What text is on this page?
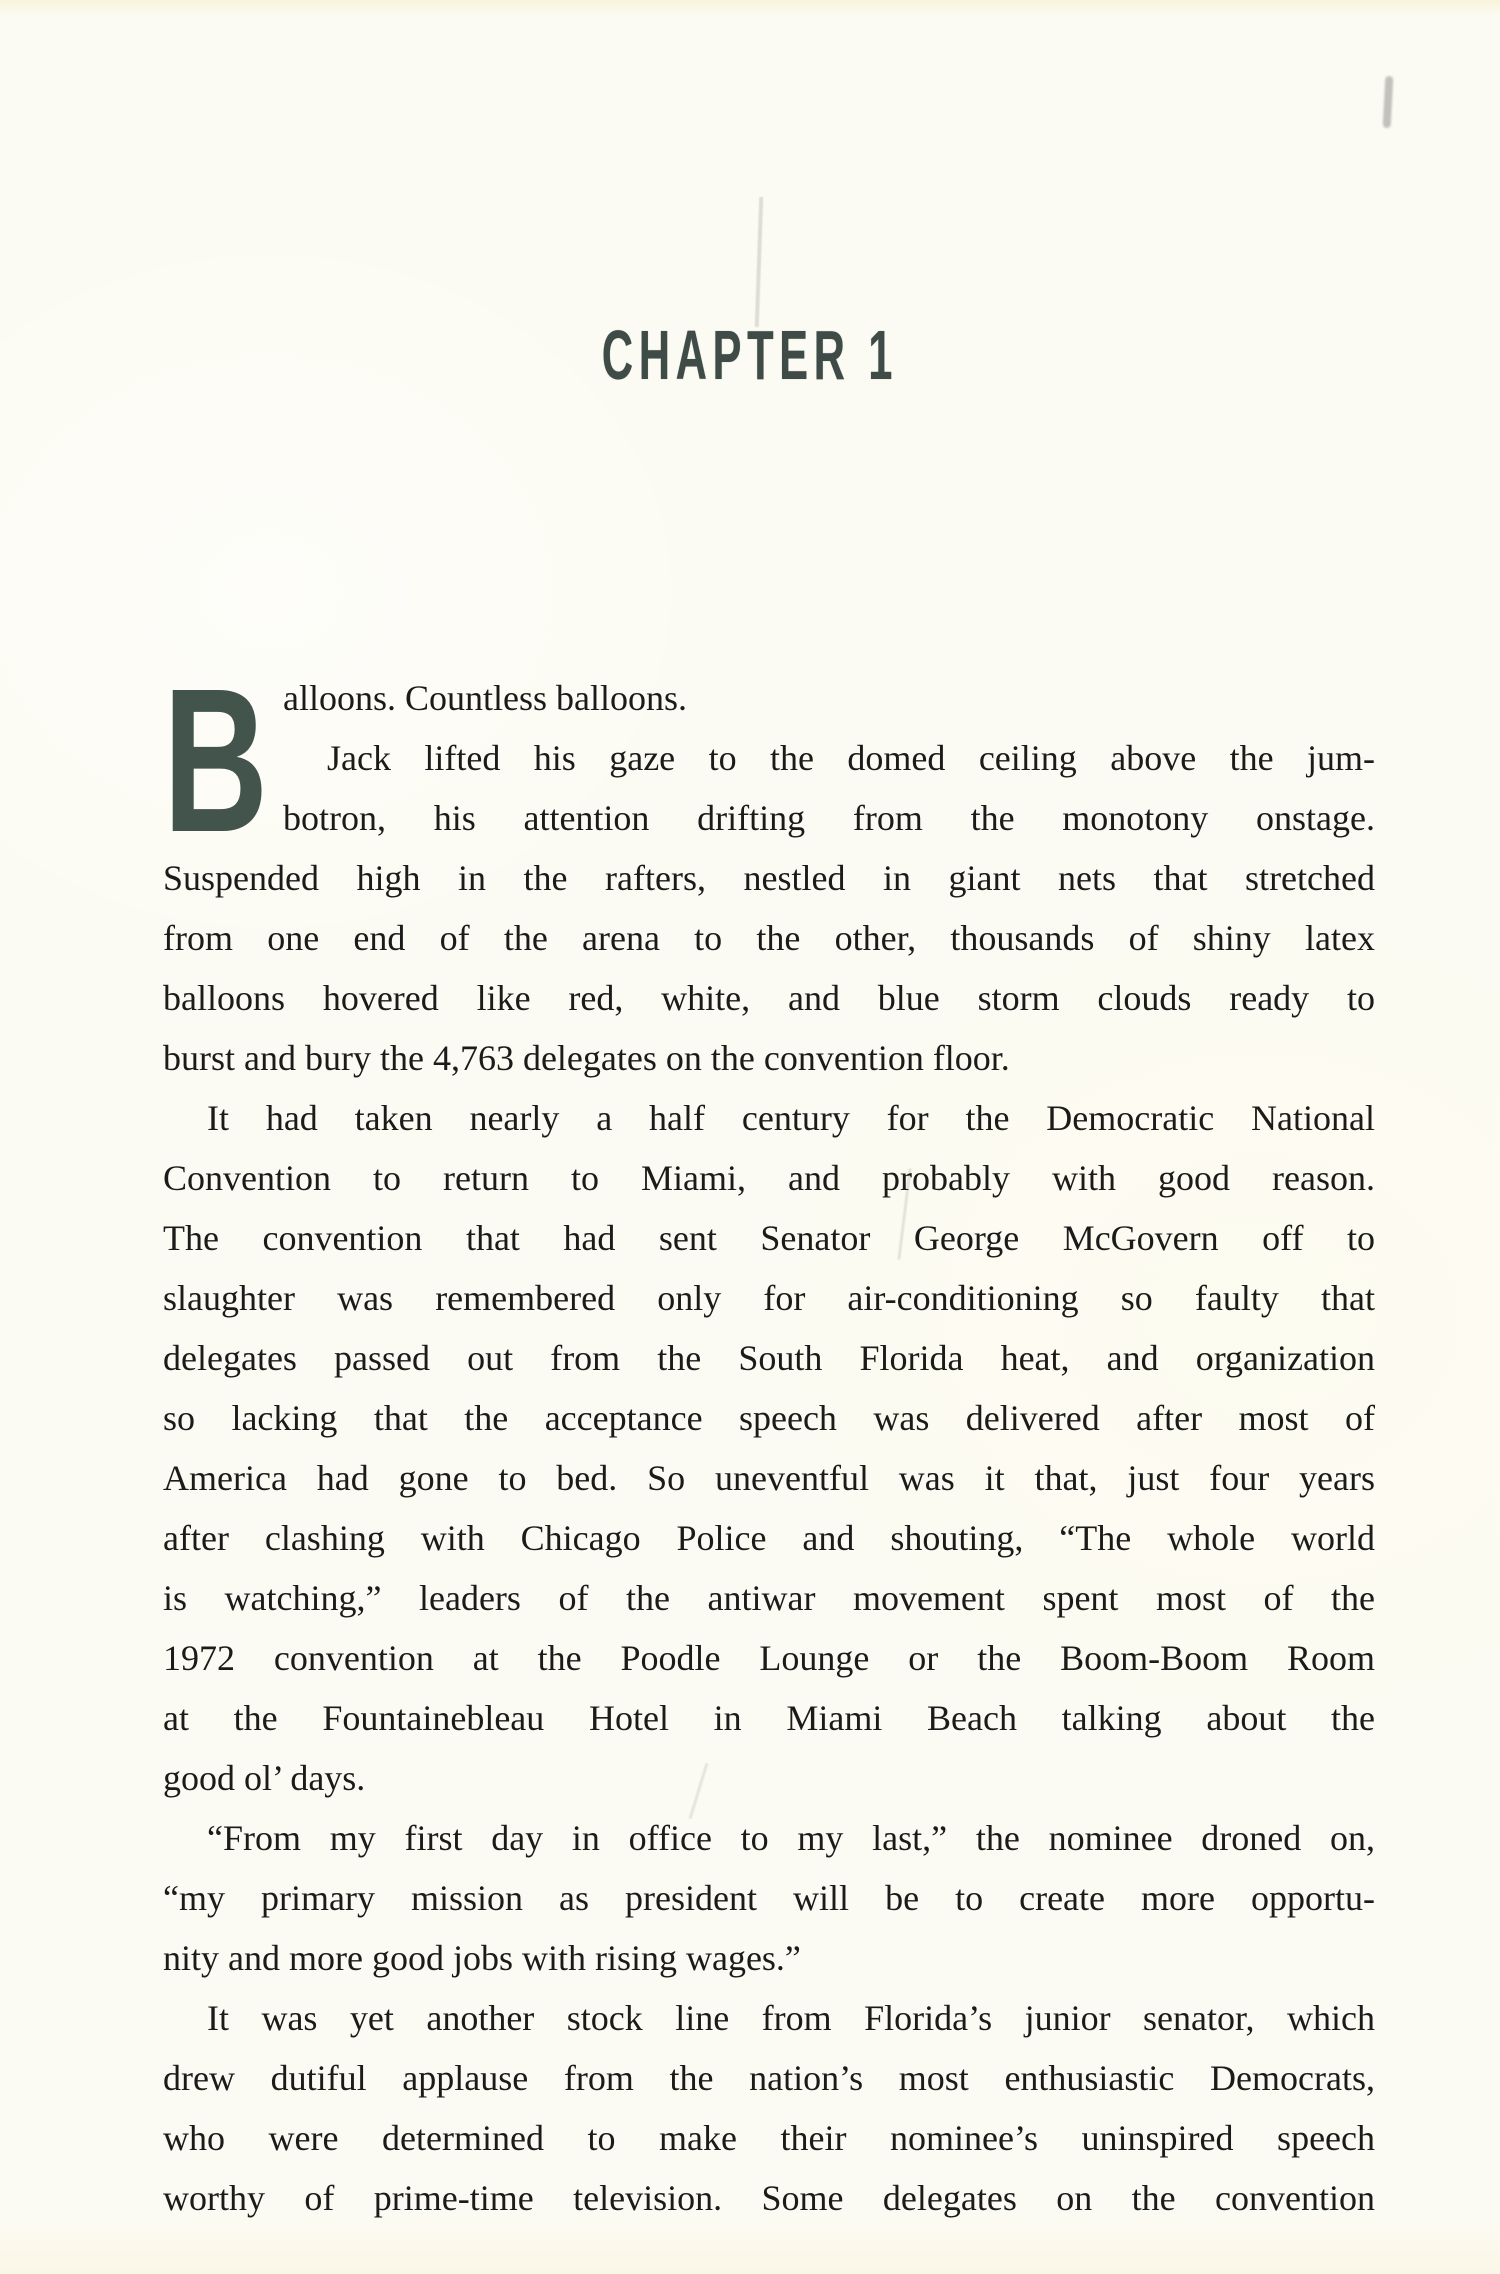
CHAPTER 1
B alloons. Countless balloons.
Jack lifted his gaze to the domed ceiling above the jum-
botron, his attention drifting from the monotony onstage.
Suspended high in the rafters, nestled in giant nets that stretched
from one end of the arena to the other, thousands of shiny latex
balloons hovered like red, white, and blue storm clouds ready to
burst and bury the 4,763 delegates on the convention floor.
It had taken nearly a half century for the Democratic National
Convention to return to Miami, and probably with good reason.
The convention that had sent Senator George McGovern off to
slaughter was remembered only for air-conditioning so faulty that
delegates passed out from the South Florida heat, and organization
so lacking that the acceptance speech was delivered after most of
America had gone to bed. So uneventful was it that, just four years
after clashing with Chicago Police and shouting, “The whole world
is watching,” leaders of the antiwar movement spent most of the
1972 convention at the Poodle Lounge or the Boom-Boom Room
at the Fountainebleau Hotel in Miami Beach talking about the
good ol’ days.
“From my first day in office to my last,” the nominee droned on,
“my primary mission as president will be to create more opportu-
nity and more good jobs with rising wages.”
It was yet another stock line from Florida’s junior senator, which
drew dutiful applause from the nation’s most enthusiastic Democrats,
who were determined to make their nominee’s uninspired speech
worthy of prime-time television. Some delegates on the convention
